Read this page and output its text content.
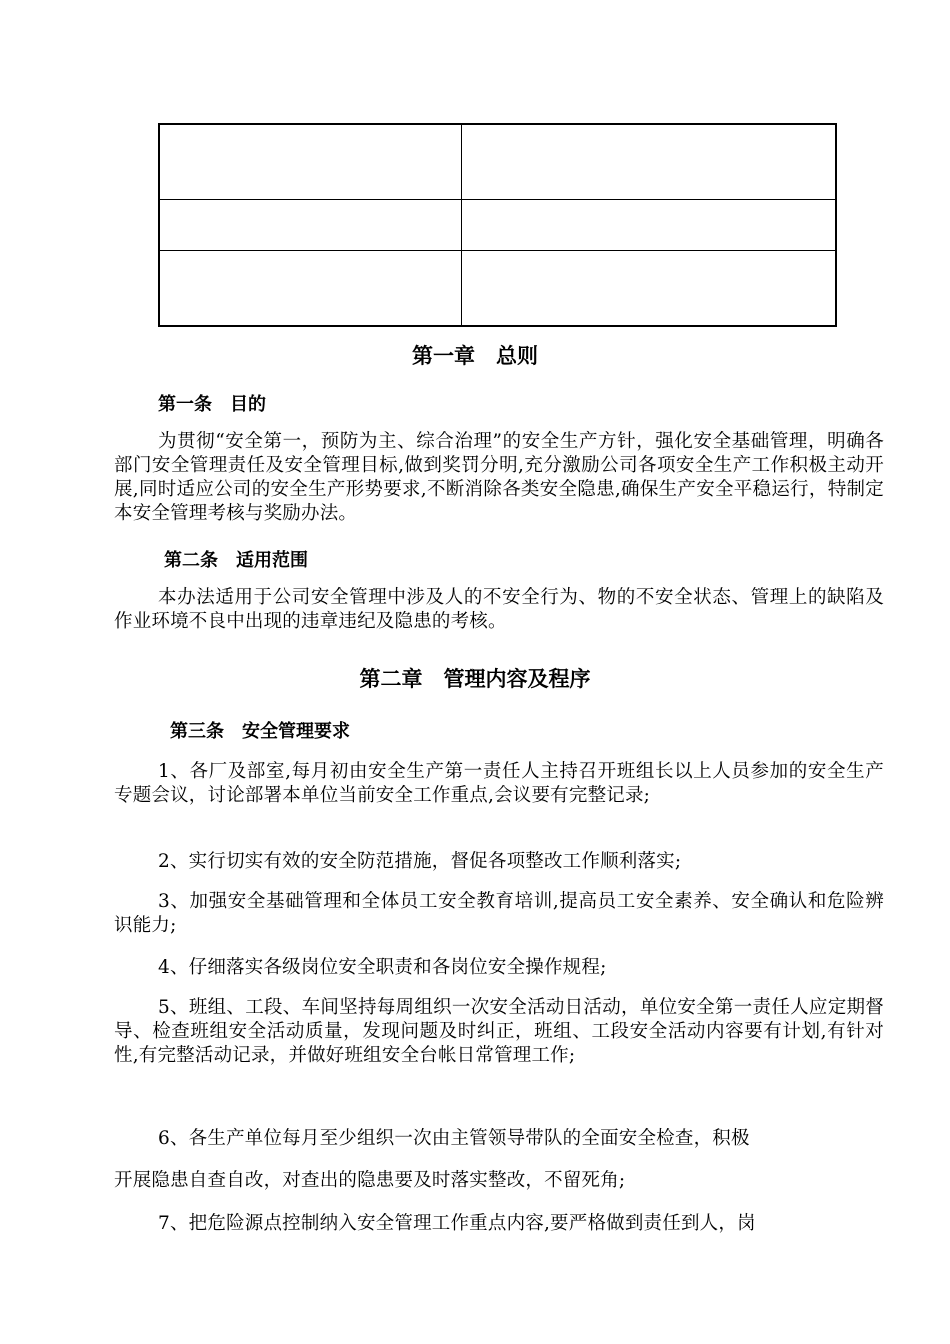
第一章　总则
第一条　目的

为贯彻“安全第一，预防为主、综合治理”的安全生产方针，强化安全基础管理，明确各部门安全管理责任及安全管理目标,做到奖罚分明,充分激励公司各项安全生产工作积极主动开展,同时适应公司的安全生产形势要求,不断消除各类安全隐患,确保生产安全平稳运行，特制定本安全管理考核与奖励办法。

第二条　适用范围

本办法适用于公司安全管理中涉及人的不安全行为、物的不安全状态、管理上的缺陷及作业环境不良中出现的违章违纪及隐患的考核。

第二章　管理内容及程序
第三条　安全管理要求

1、各厂及部室,每月初由安全生产第一责任人主持召开班组长以上人员参加的安全生产专题会议，讨论部署本单位当前安全工作重点,会议要有完整记录;

2、实行切实有效的安全防范措施，督促各项整改工作顺利落实;

3、加强安全基础管理和全体员工安全教育培训,提高员工安全素养、安全确认和危险辨识能力;

4、仔细落实各级岗位安全职责和各岗位安全操作规程;

5、班组、工段、车间坚持每周组织一次安全活动日活动，单位安全第一责任人应定期督导、检查班组安全活动质量，发现问题及时纠正，班组、工段安全活动内容要有计划,有针对性,有完整活动记录，并做好班组安全台帐日常管理工作;

6、各生产单位每月至少组织一次由主管领导带队的全面安全检查，积极

开展隐患自查自改，对查出的隐患要及时落实整改，不留死角;

7、把危险源点控制纳入安全管理工作重点内容,要严格做到责任到人，岗
